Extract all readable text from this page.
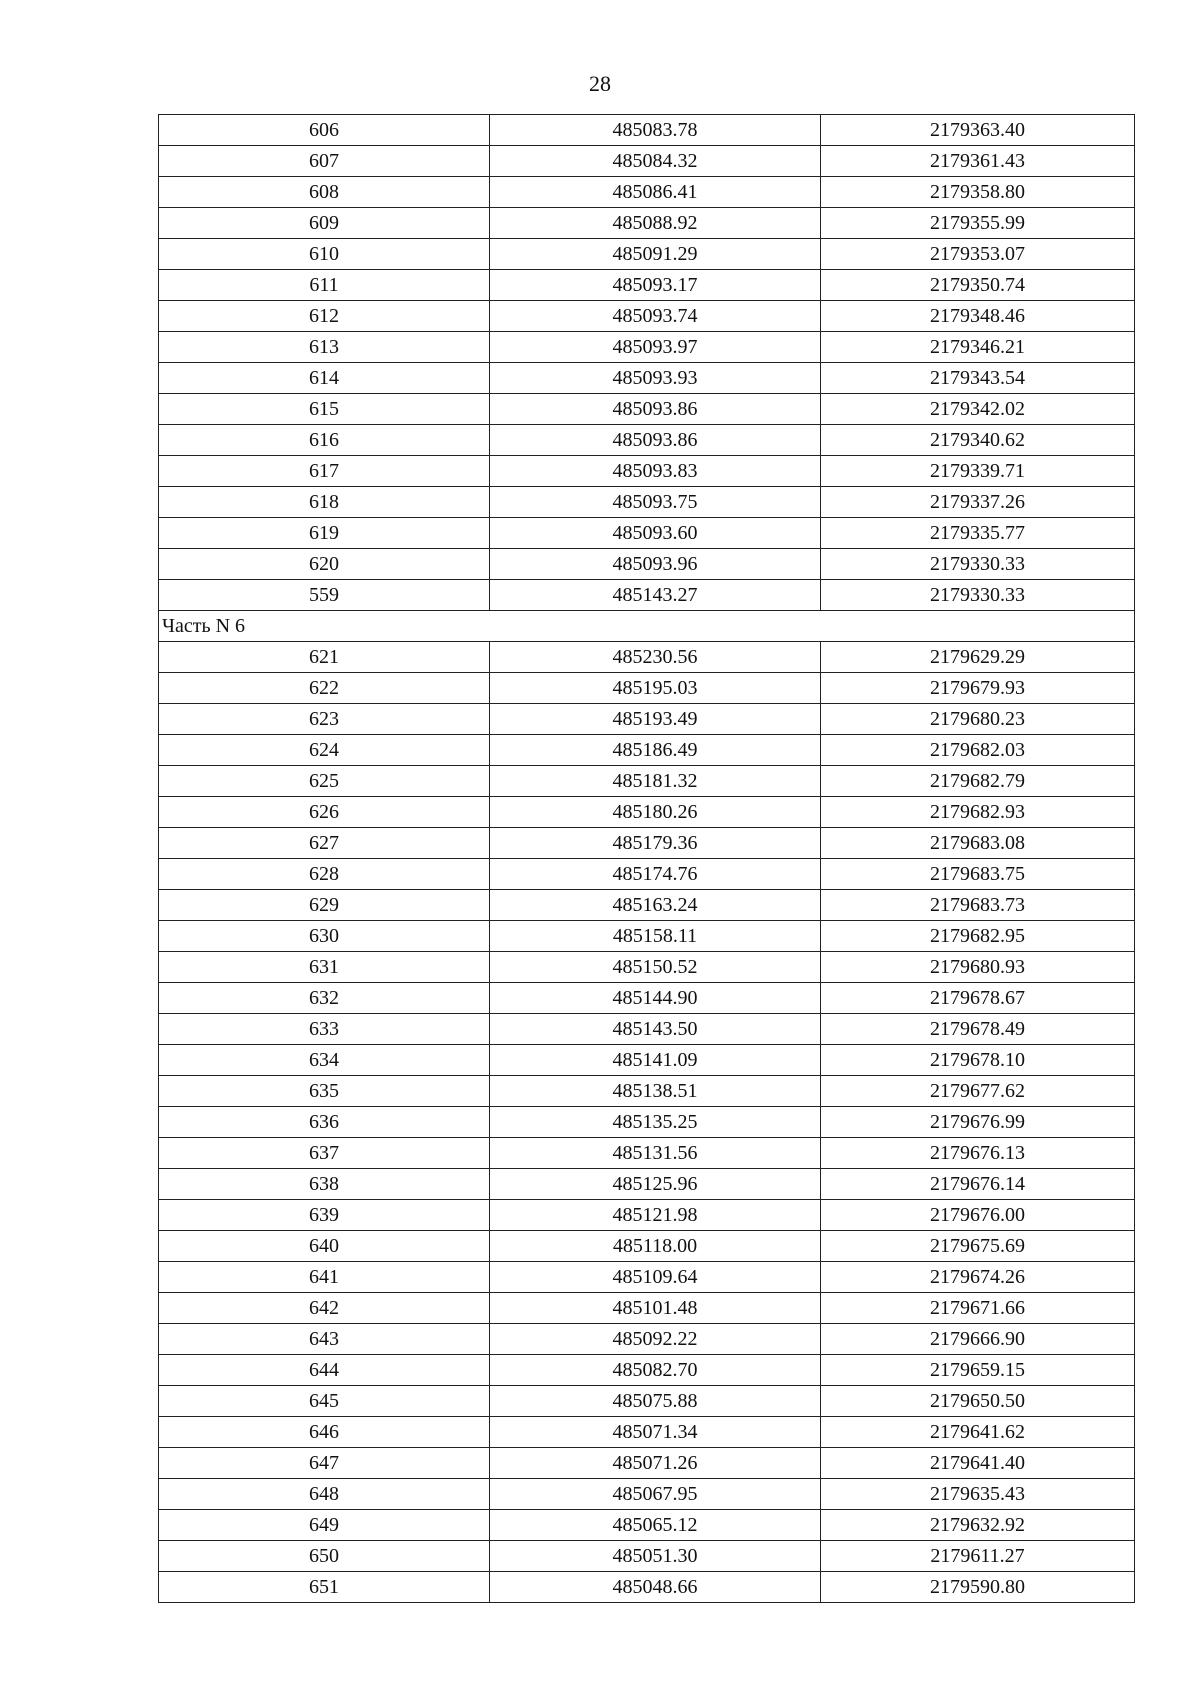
28
606	485083.78	2179363.40
607	485084.32	2179361.43
608	485086.41	2179358.80
609	485088.92	2179355.99
610	485091.29	2179353.07
611	485093.17	2179350.74
612	485093.74	2179348.46
613	485093.97	2179346.21
614	485093.93	2179343.54
615	485093.86	2179342.02
616	485093.86	2179340.62
617	485093.83	2179339.71
618	485093.75	2179337.26
619	485093.60	2179335.77
620	485093.96	2179330.33
559	485143.27	2179330.33
Часть N 6		
621	485230.56	2179629.29
622	485195.03	2179679.93
623	485193.49	2179680.23
624	485186.49	2179682.03
625	485181.32	2179682.79
626	485180.26	2179682.93
627	485179.36	2179683.08
628	485174.76	2179683.75
629	485163.24	2179683.73
630	485158.11	2179682.95
631	485150.52	2179680.93
632	485144.90	2179678.67
633	485143.50	2179678.49
634	485141.09	2179678.10
635	485138.51	2179677.62
636	485135.25	2179676.99
637	485131.56	2179676.13
638	485125.96	2179676.14
639	485121.98	2179676.00
640	485118.00	2179675.69
641	485109.64	2179674.26
642	485101.48	2179671.66
643	485092.22	2179666.90
644	485082.70	2179659.15
645	485075.88	2179650.50
646	485071.34	2179641.62
647	485071.26	2179641.40
648	485067.95	2179635.43
649	485065.12	2179632.92
650	485051.30	2179611.27
651	485048.66	2179590.80
